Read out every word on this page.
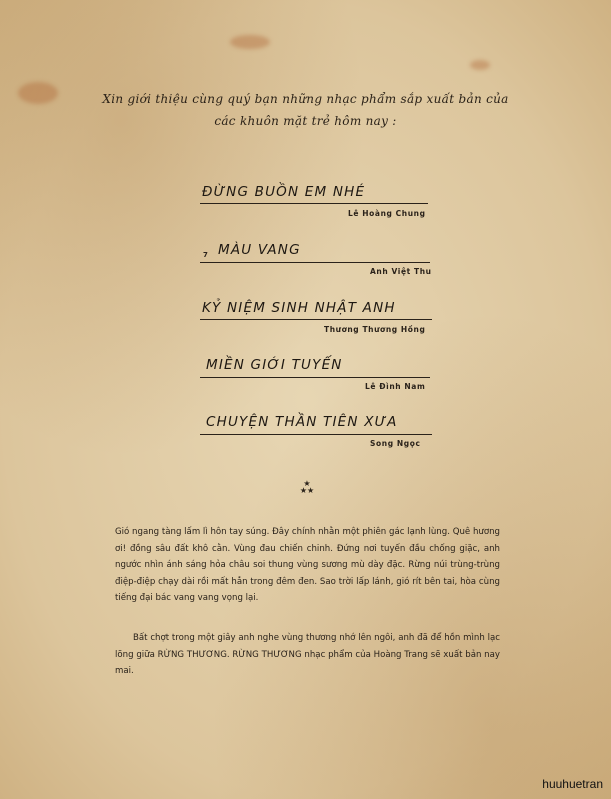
Xin giới thiệu cùng quý bạn những nhạc phẩm sắp xuất bản của
các khuôn mặt trẻ hôm nay :
ĐỪNG BUỒN EM NHÉ
Lê Hoàng Chung
7 MÀU VANG
Anh Việt Thu
KỶ NIỆM SINH NHẬT ANH
Thương Thương Hồng
MIỀN GIỚI TUYẾN
Lê Đình Nam
CHUYỆN THẦN TIÊN XƯA
Song Ngọc
★
★★
Gió ngang tàng lấm lì hôn tay súng. Đây chính nhằn một phiên gác lạnh lùng. Quê hương ơi! đồng sâu đất khô cằn. Vùng đau chiến chinh. Đứng nơi tuyến đầu chống giặc, anh ngước nhìn ánh sáng hỏa châu soi thung vùng sương mù dày đặc. Rừng núi trùng-trùng điệp-điệp chạy dài rồi mất hẳn trong đêm đen. Sao trời lấp lánh, gió rít bên tai, hòa cùng tiếng đại bác vang vang vọng lại.
Bất chợt trong một giây anh nghe vùng thương nhớ lên ngôi, anh đã để hồn mình lạc lõng giữa RỪNG THƯƠNG. RỪNG THƯƠNG nhạc phẩm của Hoàng Trang sẽ xuất bản nay mai.
huuhuetran
